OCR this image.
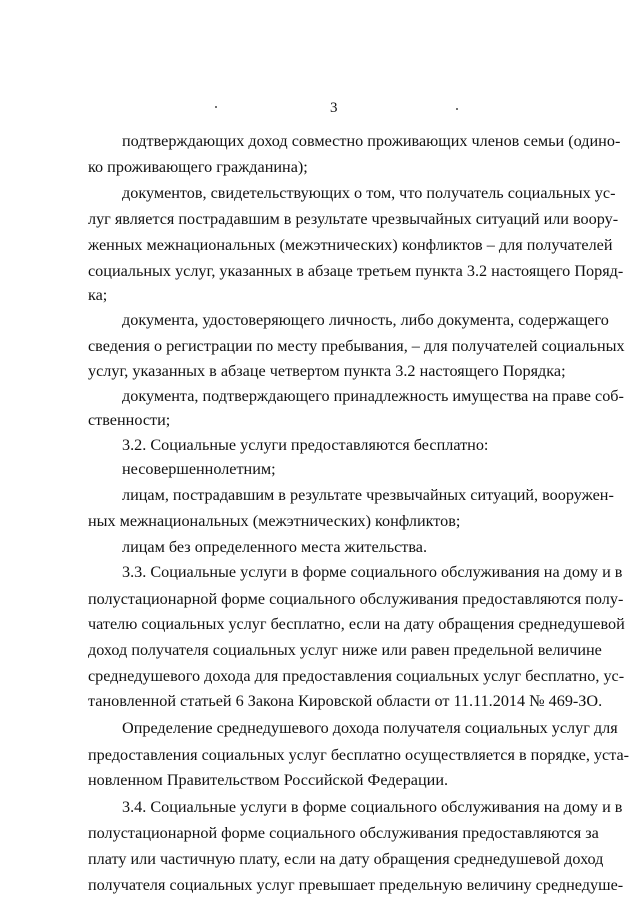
3
подтверждающих доход совместно проживающих членов семьи (одино-
ко проживающего гражданина);
документов, свидетельствующих о том, что получатель социальных ус-
луг является пострадавшим в результате чрезвычайных ситуаций или воору-
женных межнациональных (межэтнических) конфликтов – для получателей
социальных услуг, указанных в абзаце третьем пункта 3.2 настоящего Поряд-
ка;
документа, удостоверяющего личность, либо документа, содержащего
сведения о регистрации по месту пребывания, – для получателей социальных
услуг, указанных в абзаце четвертом пункта 3.2 настоящего Порядка;
документа, подтверждающего принадлежность имущества на праве соб-
ственности;
3.2. Социальные услуги предоставляются бесплатно:
несовершеннолетним;
лицам, пострадавшим в результате чрезвычайных ситуаций, вооружен-
ных межнациональных (межэтнических) конфликтов;
лицам без определенного места жительства.
3.3. Социальные услуги в форме социального обслуживания на дому и в
полустационарной форме социального обслуживания предоставляются полу-
чателю социальных услуг бесплатно, если на дату обращения среднедушевой
доход получателя социальных услуг ниже или равен предельной величине
среднедушевого дохода для предоставления социальных услуг бесплатно, ус-
тановленной статьей 6 Закона Кировской области от 11.11.2014 № 469-ЗО.
Определение среднедушевого дохода получателя социальных услуг для
предоставления социальных услуг бесплатно осуществляется в порядке, уста-
новленном Правительством Российской Федерации.
3.4. Социальные услуги в форме социального обслуживания на дому и в
полустационарной форме социального обслуживания предоставляются за
плату или частичную плату, если на дату обращения среднедушевой доход
получателя социальных услуг превышает предельную величину среднедуше-
